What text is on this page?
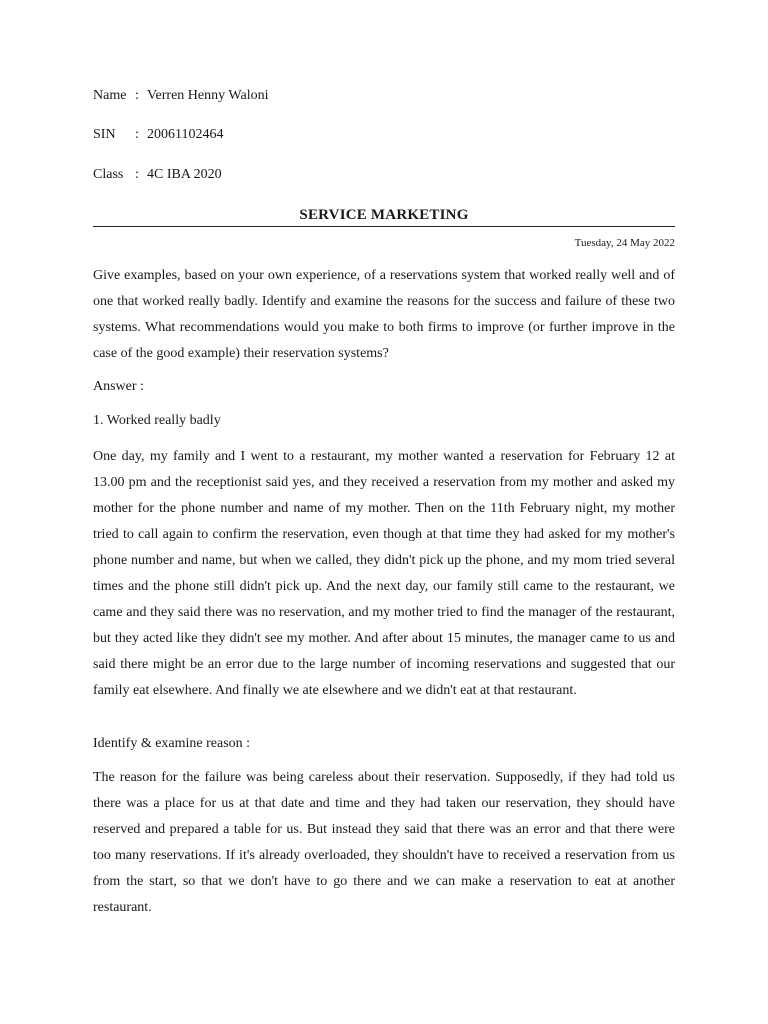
Name : Verren Henny Waloni
SIN : 20061102464
Class : 4C IBA 2020
SERVICE MARKETING
Tuesday, 24 May 2022

Give examples, based on your own experience, of a reservations system that worked really well and of one that worked really badly. Identify and examine the reasons for the success and failure of these two systems. What recommendations would you make to both firms to improve (or further improve in the case of the good example) their reservation systems?

Answer :

1. Worked really badly

One day, my family and I went to a restaurant, my mother wanted a reservation for February 12 at 13.00 pm and the receptionist said yes, and they received a reservation from my mother and asked my mother for the phone number and name of my mother. Then on the 11th February night, my mother tried to call again to confirm the reservation, even though at that time they had asked for my mother's phone number and name, but when we called, they didn't pick up the phone, and my mom tried several times and the phone still didn't pick up. And the next day, our family still came to the restaurant, we came and they said there was no reservation, and my mother tried to find the manager of the restaurant, but they acted like they didn't see my mother. And after about 15 minutes, the manager came to us and said there might be an error due to the large number of incoming reservations and suggested that our family eat elsewhere. And finally we ate elsewhere and we didn't eat at that restaurant.

Identify & examine reason :

The reason for the failure was being careless about their reservation. Supposedly, if they had told us there was a place for us at that date and time and they had taken our reservation, they should have reserved and prepared a table for us. But instead they said that there was an error and that there were too many reservations. If it's already overloaded, they shouldn't have to received a reservation from us from the start, so that we don't have to go there and we can make a reservation to eat at another restaurant.
